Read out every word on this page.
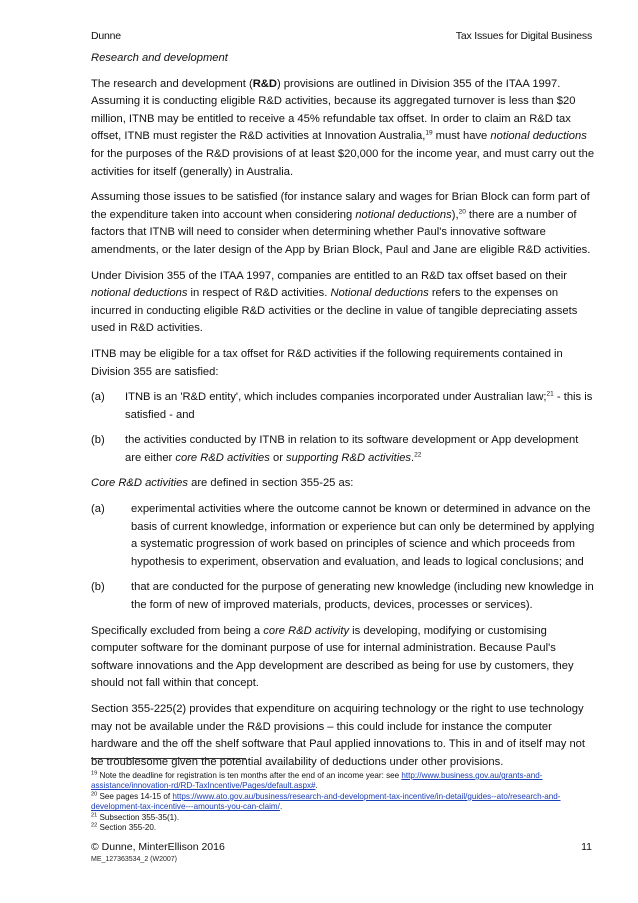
Dunne	Tax Issues for Digital Business

Research and development

The research and development (R&D) provisions are outlined in Division 355 of the ITAA 1997. Assuming it is conducting eligible R&D activities, because its aggregated turnover is less than $20 million, ITNB may be entitled to receive a 45% refundable tax offset. In order to claim an R&D tax offset, ITNB must register the R&D activities at Innovation Australia,$^{19}$ must have notional deductions for the purposes of the R&D provisions of at least $20,000 for the income year, and must carry out the activities for itself (generally) in Australia.

Assuming those issues to be satisfied (for instance salary and wages for Brian Block can form part of the expenditure taken into account when considering notional deductions),$^{20}$ there are a number of factors that ITNB will need to consider when determining whether Paul's innovative software amendments, or the later design of the App by Brian Block, Paul and Jane are eligible R&D activities.

Under Division 355 of the ITAA 1997, companies are entitled to an R&D tax offset based on their notional deductions in respect of R&D activities. Notional deductions refers to the expenses on incurred in conducting eligible R&D activities or the decline in value of tangible depreciating assets used in R&D activities.

ITNB may be eligible for a tax offset for R&D activities if the following requirements contained in Division 355 are satisfied:

(a)	ITNB is an 'R&D entity', which includes companies incorporated under Australian law;$^{21}$ - this is satisfied - and
(b)	the activities conducted by ITNB in relation to its software development or App development are either core R&D activities or supporting R&D activities.$^{22}$

Core R&D activities are defined in section 355-25 as:

(a)	experimental activities where the outcome cannot be known or determined in advance on the basis of current knowledge, information or experience but can only be determined by applying a systematic progression of work based on principles of science and which proceeds from hypothesis to experiment, observation and evaluation, and leads to logical conclusions; and
(b)	that are conducted for the purpose of generating new knowledge (including new knowledge in the form of new of improved materials, products, devices, processes or services).

Specifically excluded from being a core R&D activity is developing, modifying or customising computer software for the dominant purpose of use for internal administration. Because Paul's software innovations and the App development are described as being for use by customers, they should not fall within that concept.

Section 355-225(2) provides that expenditure on acquiring technology or the right to use technology may not be available under the R&D provisions – this could include for instance the computer hardware and the off the shelf software that Paul applied innovations to. This in and of itself may not be troublesome given the potential availability of deductions under other provisions.

$^{19}$ Note the deadline for registration is ten months after the end of an income year: see http://www.business.gov.au/grants-and-assistance/innovation-rd/RD-TaxIncentive/Pages/default.aspx#.
$^{20}$ See pages 14-15 of https://www.ato.gov.au/business/research-and-development-tax-incentive/in-detail/guides--ato/research-and-development-tax-incentive---amounts-you-can-claim/.
$^{21}$ Subsection 355-35(1).
$^{22}$ Section 355-20.
© Dunne, MinterEllison 2016	11
ME_127363534_2 (W2007)
